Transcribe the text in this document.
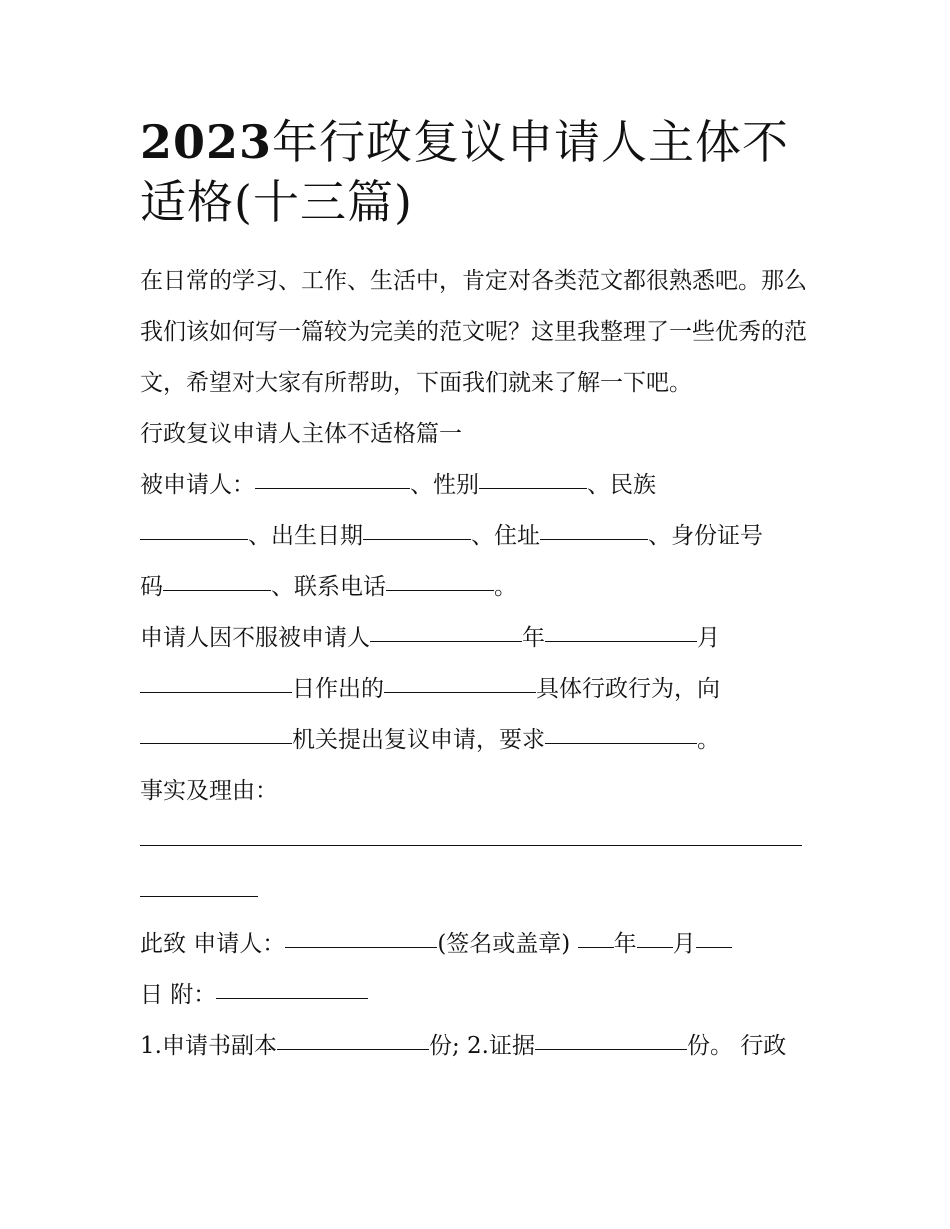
2023年行政复议申请人主体不
适格(十三篇)

在日常的学习、工作、生活中，肯定对各类范文都很熟悉吧。那么我们该如何写一篇较为完美的范文呢？这里我整理了一些优秀的范文，希望对大家有所帮助，下面我们就来了解一下吧。

行政复议申请人主体不适格篇一

被申请人：	、性别	、民族
、出生日期	、住址	、身份证号
码	、联系电话	。

申请人因不服被申请人	年	月
日作出的	具体行政行为，向
机关提出复议申请，要求	。

事实及理由：

此致 申请人：	(签名或盖章) 年 月
日 附：
1.申请书副本	份; 2.证据	份。 行政
